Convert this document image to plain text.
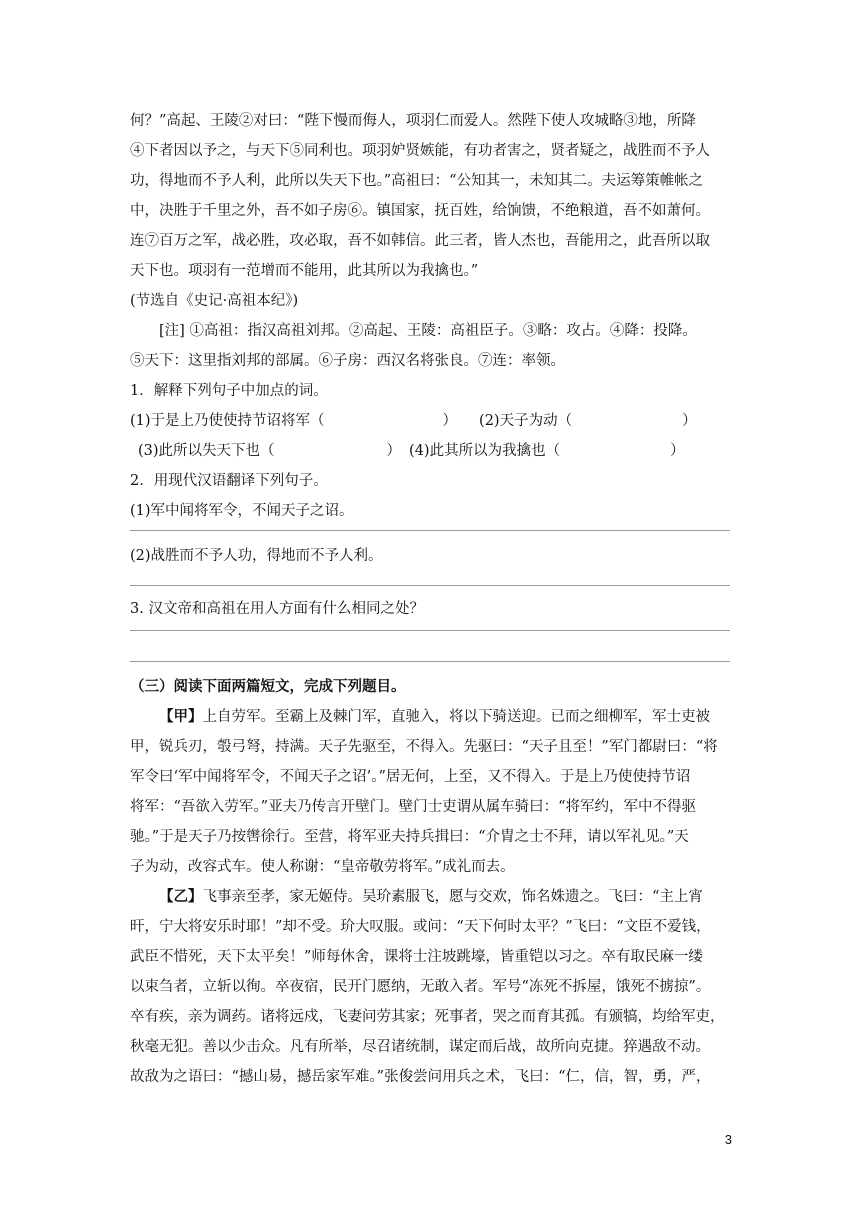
何？”高起、王陵②对曰：“陛下慢而侮人，项羽仁而爱人。然陛下使人攻城略③地，所降

④下者因以予之，与天下⑤同利也。项羽妒贤嫉能，有功者害之，贤者疑之，战胜而不予人

功，得地而不予人利，此所以失天下也。”高祖曰：“公知其一，未知其二。夫运筹策帷帐之

中，决胜于千里之外，吾不如子房⑥。镇国家，抚百姓，给饷馈，不绝粮道，吾不如萧何。

连⑦百万之军，战必胜，攻必取，吾不如韩信。此三者，皆人杰也，吾能用之，此吾所以取

天下也。项羽有一范增而不能用，此其所以为我擒也。”

(节选自《史记·高祖本纪》)

[注] ①高祖：指汉高祖刘邦。②高起、王陵：高祖臣子。③略：攻占。④降：投降。

⑤天下：这里指刘邦的部属。⑥子房：西汉名将张良。⑦连：率领。

1．解释下列句子中加点的词。

(1)于是上乃使使持节诏将军（	） (2)天子为动（	）
(3)此所以失天下也（	） (4)此其所以为我擒也（	）

2．用现代汉语翻译下列句子。

(1)军中闻将军令，不闻天子之诏。

(2)战胜而不予人功，得地而不予人利。

3. 汉文帝和高祖在用人方面有什么相同之处？

（三）阅读下面两篇短文，完成下列题目。

【甲】上自劳军。至霸上及棘门军，直驰入，将以下骑送迎。已而之细柳军，军士吏被

甲，锐兵刃，彀弓弩，持满。天子先驱至，不得入。先驱曰：“天子且至！”军门都尉曰：“将

军令曰‘军中闻将军令，不闻天子之诏’。”居无何，上至，又不得入。于是上乃使使持节诏

将军：“吾欲入劳军。”亚夫乃传言开壁门。壁门士吏谓从属车骑曰：“将军约，军中不得驱

驰。”于是天子乃按辔徐行。至营，将军亚夫持兵揖曰：“介胄之士不拜，请以军礼见。”天

子为动，改容式车。使人称谢：“皇帝敬劳将军。”成礼而去。

【乙】飞事亲至孝，家无姬侍。吴玠素服飞，愿与交欢，饰名姝遗之。飞曰：“主上宵

旰，宁大将安乐时耶！”却不受。玠大叹服。或问：“天下何时太平？”飞曰：“文臣不爱钱，

武臣不惜死，天下太平矣！”师每休舍，课将士注坡跳壕，皆重铠以习之。卒有取民麻一缕

以束刍者，立斩以徇。卒夜宿，民开门愿纳，无敢入者。军号“冻死不拆屋，饿死不掳掠”。

卒有疾，亲为调药。诸将远戍，飞妻问劳其家；死事者，哭之而育其孤。有颁犒，均给军吏，

秋毫无犯。善以少击众。凡有所举，尽召诸统制，谋定而后战，故所向克捷。猝遇敌不动。

故敌为之语曰：“撼山易，撼岳家军难。”张俊尝问用兵之术，飞曰：“仁，信，智，勇，严，

3
